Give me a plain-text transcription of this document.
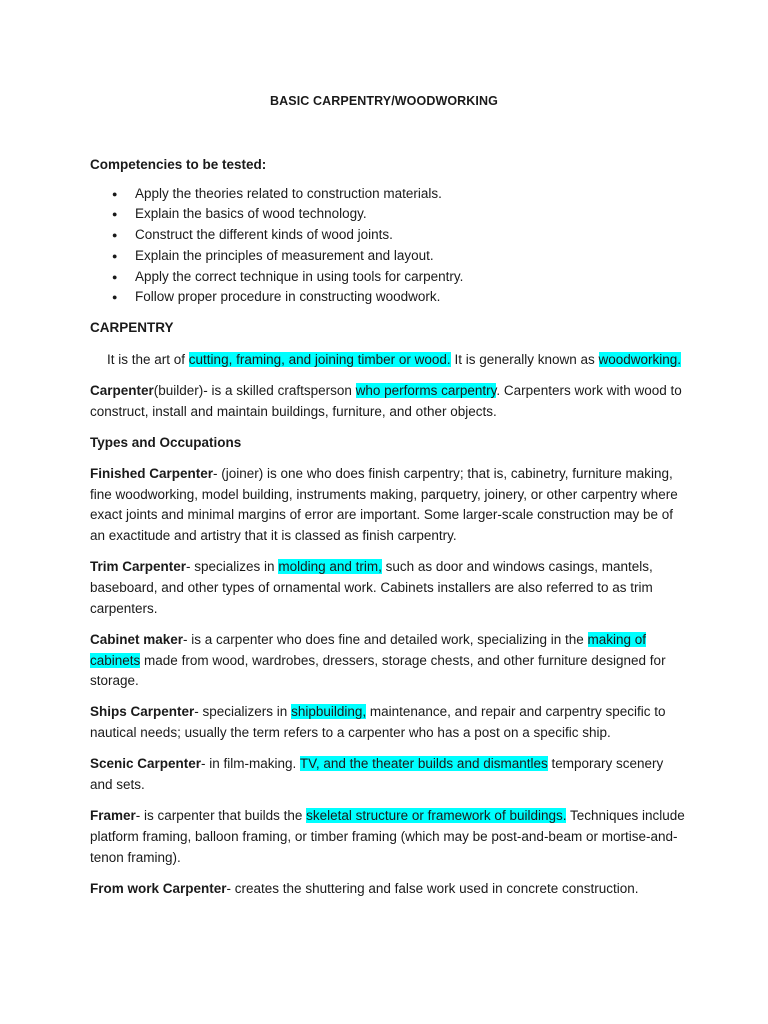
BASIC CARPENTRY/WOODWORKING

Competencies to be tested:

● Apply the theories related to construction materials.
● Explain the basics of wood technology.
● Construct the different kinds of wood joints.
● Explain the principles of measurement and layout.
● Apply the correct technique in using tools for carpentry.
● Follow proper procedure in constructing woodwork.

CARPENTRY

It is the art of cutting, framing, and joining timber or wood. It is generally known as woodworking.

Carpenter(builder)- is a skilled craftsperson who performs carpentry. Carpenters work with wood to construct, install and maintain buildings, furniture, and other objects.

Types and Occupations

Finished Carpenter- (joiner) is one who does finish carpentry; that is, cabinetry, furniture making, fine woodworking, model building, instruments making, parquetry, joinery, or other carpentry where exact joints and minimal margins of error are important. Some larger-scale construction may be of an exactitude and artistry that it is classed as finish carpentry.

Trim Carpenter- specializes in molding and trim, such as door and windows casings, mantels, baseboard, and other types of ornamental work. Cabinets installers are also referred to as trim carpenters.

Cabinet maker- is a carpenter who does fine and detailed work, specializing in the making of cabinets made from wood, wardrobes, dressers, storage chests, and other furniture designed for storage.

Ships Carpenter- specializers in shipbuilding, maintenance, and repair and carpentry specific to nautical needs; usually the term refers to a carpenter who has a post on a specific ship.

Scenic Carpenter- in film-making. TV, and the theater builds and dismantles temporary scenery and sets.

Framer- is carpenter that builds the skeletal structure or framework of buildings. Techniques include platform framing, balloon framing, or timber framing (which may be post-and-beam or mortise-and-tenon framing).

From work Carpenter- creates the shuttering and false work used in concrete construction.
